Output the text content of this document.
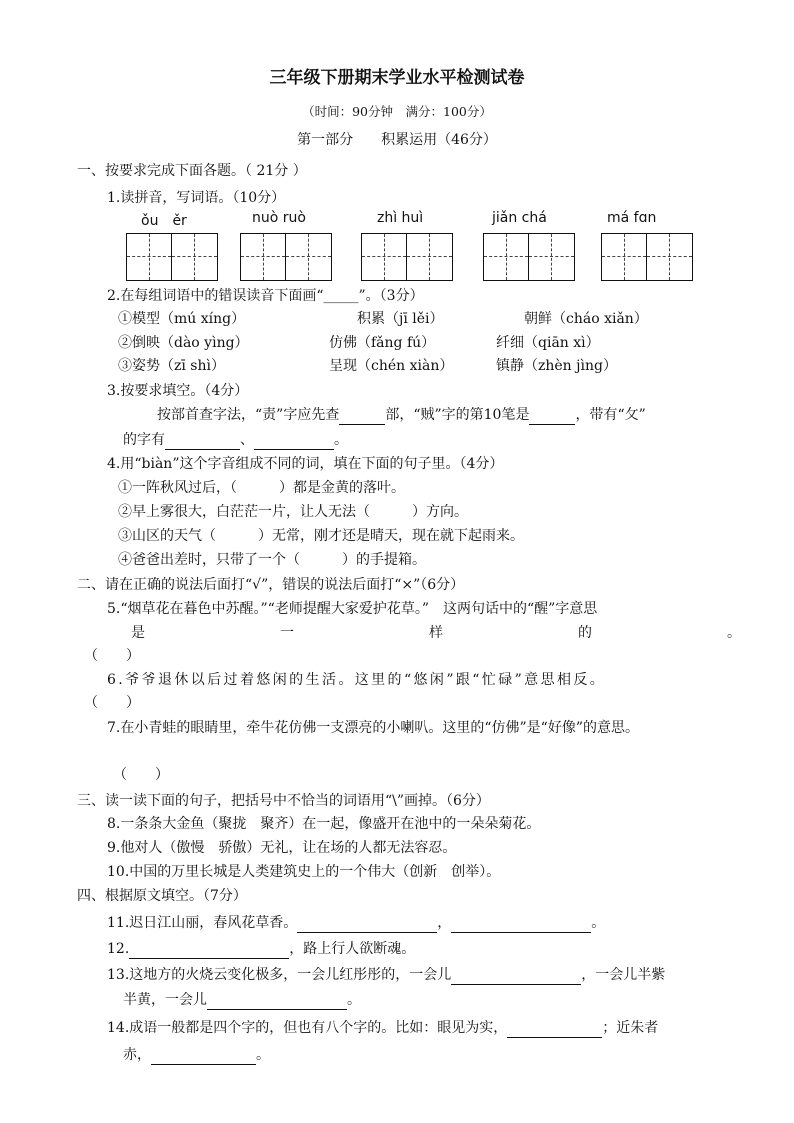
三年级下册期末学业水平检测试卷
（时间：90分钟　满分：100分）
第一部分　　积累运用（46分）
一、按要求完成下面各题。（ 21分 ）
1.读拼音，写词语。（10分）
ǒu　ěr	nuò ruò	zhì huì	jiǎn chá	má fɑn
2.在每组词语中的错误读音下面画“_____”。（3分）
①模型（mú xíng）	积累（jī lěi）	朝鲜（cháo xiǎn）
②倒映（dào yìng）	仿佛（fǎng fú）	纤细（qiān xì）
③姿势（zī shì）	呈现（chén xiàn）	镇静（zhèn jìng）
3.按要求填空。（4分）
按部首查字法，“责”字应先查	部，“贼”字的第10笔是	，带有“攵”
的字有	、	。
4.用“biàn”这个字音组成不同的词，填在下面的句子里。（4分）
①一阵秋风过后，（　　　）都是金黄的落叶。
②早上雾很大，白茫茫一片，让人无法（　　　）方向。
③山区的天气（　　　）无常，刚才还是晴天，现在就下起雨来。
④爸爸出差时，只带了一个（　　　）的手提箱。
二、请在正确的说法后面打“√”，错误的说法后面打“×”（6分）
5.“烟草花在暮色中苏醒。”“老师提醒大家爱护花草。”　这两句话中的“醒”字意思
是	一	样	的	。
（　　）
6.爷爷退休以后过着悠闲的生活。这里的“悠闲”跟“忙碌”意思相反。
（　　）
7.在小青蛙的眼睛里，牵牛花仿佛一支漂亮的小喇叭。这里的“仿佛”是“好像”的意思。
（　　）
三、读一读下面的句子，把括号中不恰当的词语用“\”画掉。（6分）
8.一条条大金鱼（聚拢　聚齐）在一起，像盛开在池中的一朵朵菊花。
9.他对人（傲慢　骄傲）无礼，让在场的人都无法容忍。
10.中国的万里长城是人类建筑史上的一个伟大（创新　创举）。
四、根据原文填空。（7分）
11.迟日江山丽，春风花草香。	，	。
12.	，路上行人欲断魂。
13.这地方的火烧云变化极多，一会儿红彤彤的，一会儿	，一会儿半紫
半黄，一会儿	。
14.成语一般都是四个字的，但也有八个字的。比如：眼见为实，	；近朱者
赤，	。
